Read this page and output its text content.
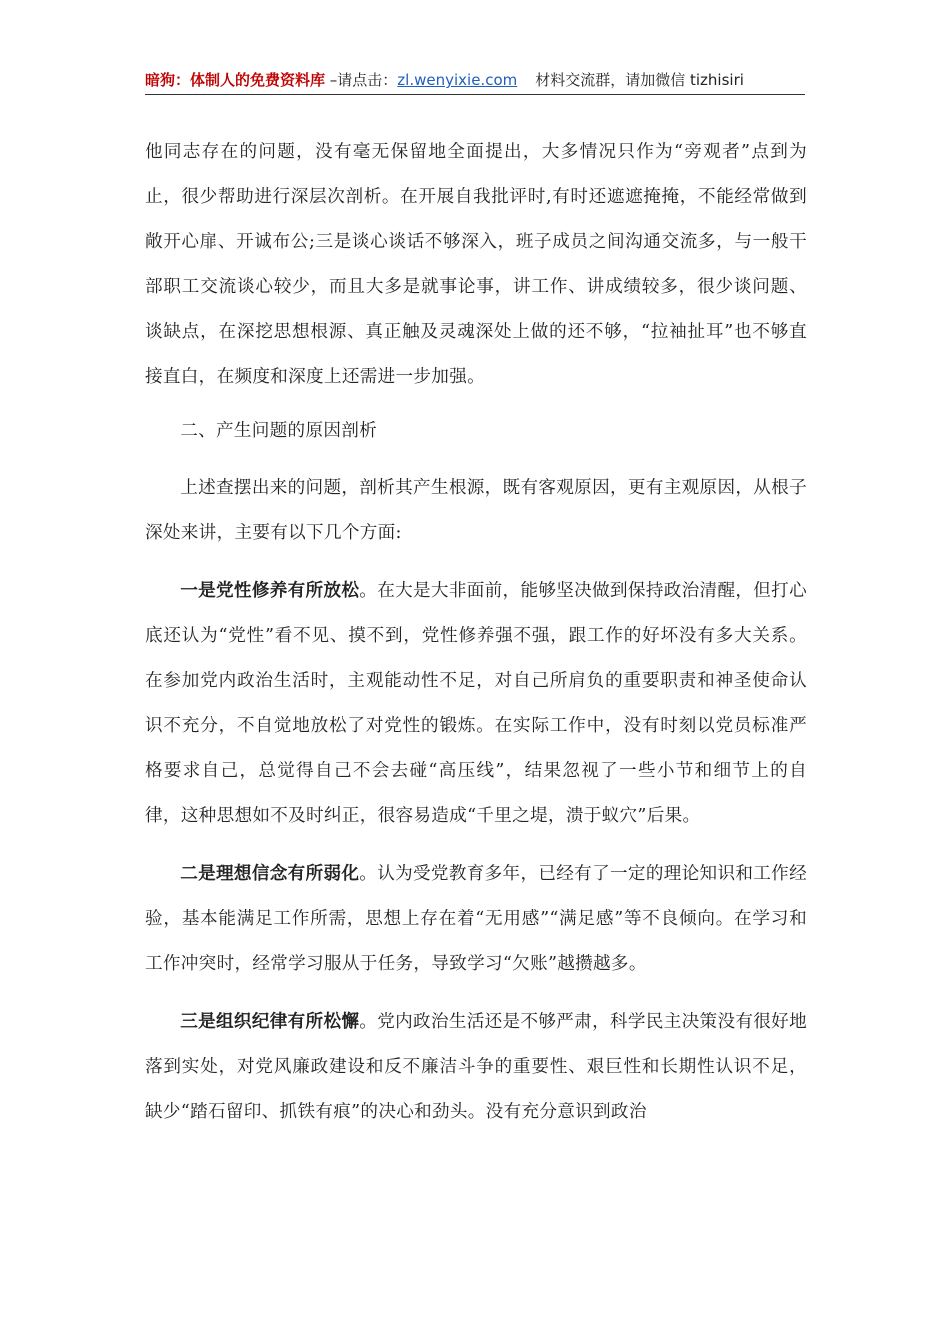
暗狗：体制人的免费资料库 –请点击：zl.wenyixie.com 材料交流群，请加微信 tizhisiri

他同志存在的问题，没有毫无保留地全面提出，大多情况只作为“旁观者”点到为止，很少帮助进行深层次剖析。在开展自我批评时,有时还遮遮掩掩，不能经常做到敞开心扉、开诚布公;三是谈心谈话不够深入，班子成员之间沟通交流多，与一般干部职工交流谈心较少，而且大多是就事论事，讲工作、讲成绩较多，很少谈问题、谈缺点，在深挖思想根源、真正触及灵魂深处上做的还不够，“拉袖扯耳”也不够直接直白，在频度和深度上还需进一步加强。

二、产生问题的原因剖析

上述查摆出来的问题，剖析其产生根源，既有客观原因，更有主观原因，从根子深处来讲，主要有以下几个方面:

一是党性修养有所放松。在大是大非面前，能够坚决做到保持政治清醒，但打心底还认为“党性”看不见、摸不到，党性修养强不强，跟工作的好坏没有多大关系。在参加党内政治生活时，主观能动性不足，对自己所肩负的重要职责和神圣使命认识不充分，不自觉地放松了对党性的锻炼。在实际工作中，没有时刻以党员标准严格要求自己，总觉得自己不会去碰“高压线”，结果忽视了一些小节和细节上的自律，这种思想如不及时纠正，很容易造成“千里之堤，溃于蚁穴”后果。

二是理想信念有所弱化。认为受党教育多年，已经有了一定的理论知识和工作经验，基本能满足工作所需，思想上存在着“无用感”“满足感”等不良倾向。在学习和工作冲突时，经常学习服从于任务，导致学习“欠账”越攒越多。

三是组织纪律有所松懈。党内政治生活还是不够严肃，科学民主决策没有很好地落到实处，对党风廉政建设和反不廉洁斗争的重要性、艰巨性和长期性认识不足，缺少“踏石留印、抓铁有痕”的决心和劲头。没有充分意识到政治
